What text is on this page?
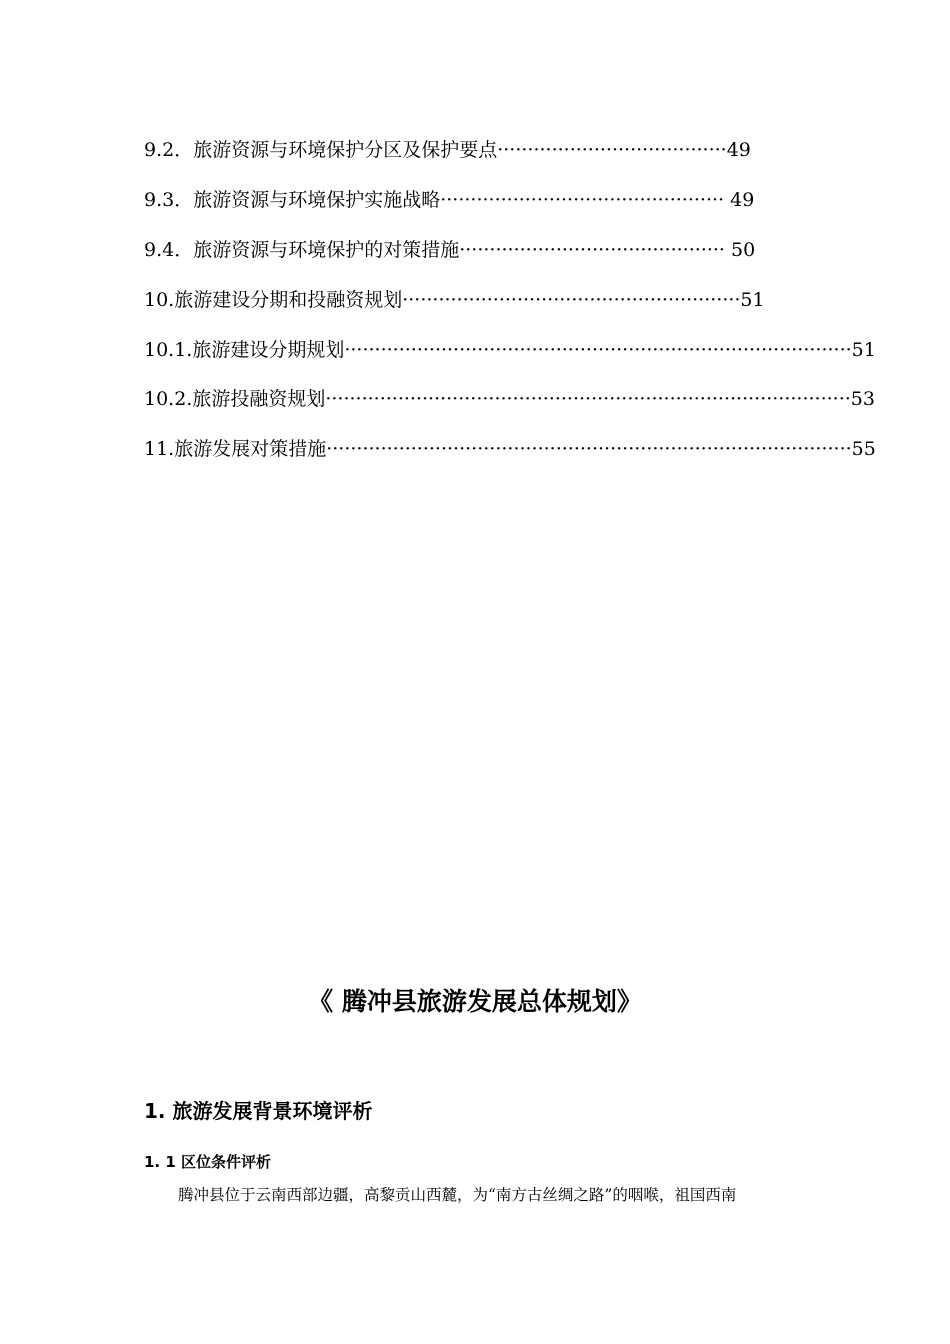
9.2．旅游资源与环境保护分区及保护要点······································49
9.3．旅游资源与环境保护实施战略··············································· 49
9.4．旅游资源与环境保护的对策措施············································ 50
10.旅游建设分期和投融资规划························································51
10.1.旅游建设分期规划····················································································51
10.2.旅游投融资规划·······················································································53
11.旅游发展对策措施·······················································································55
《 腾冲县旅游发展总体规划》
1. 旅游发展背景环境评析
1. 1 区位条件评析
腾冲县位于云南西部边疆，高黎贡山西麓，为“南方古丝绸之路”的咽喉，祖国西南
